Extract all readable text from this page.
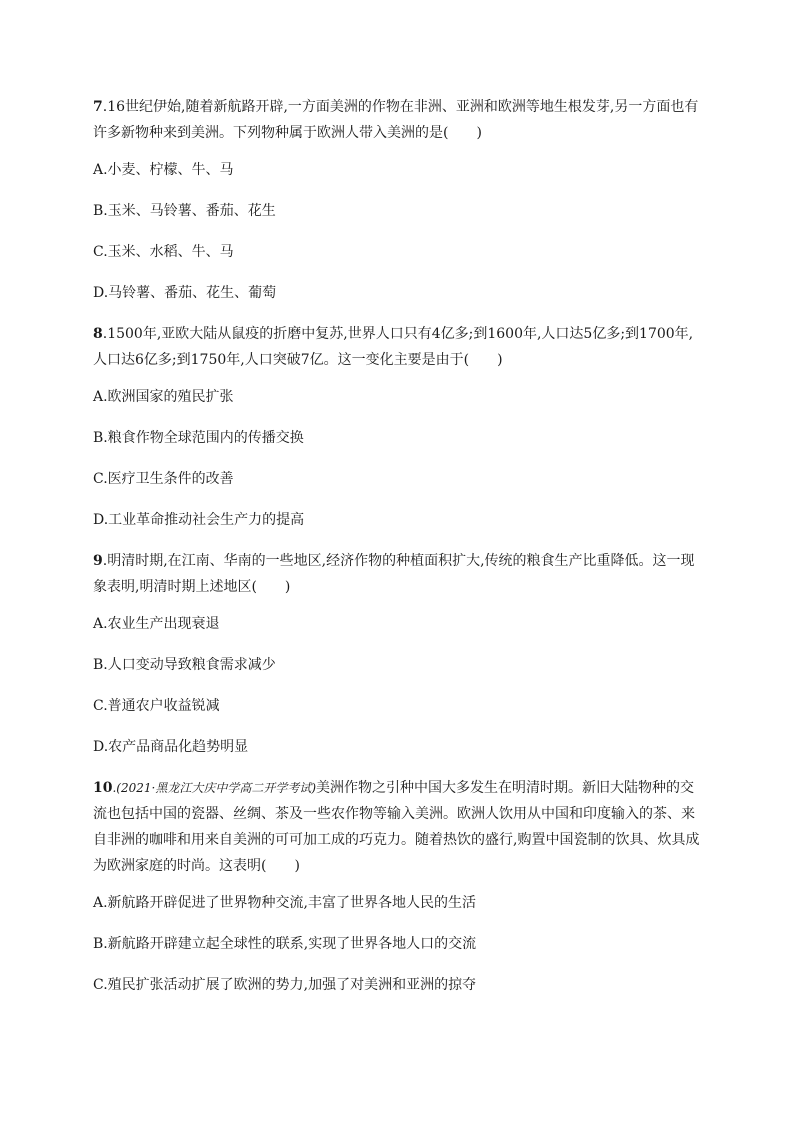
7.16世纪伊始,随着新航路开辟,一方面美洲的作物在非洲、亚洲和欧洲等地生根发芽,另一方面也有许多新物种来到美洲。下列物种属于欧洲人带入美洲的是(　　)

A.小麦、柠檬、牛、马
B.玉米、马铃薯、番茄、花生
C.玉米、水稻、牛、马
D.马铃薯、番茄、花生、葡萄

8.1500年,亚欧大陆从鼠疫的折磨中复苏,世界人口只有4亿多;到1600年,人口达5亿多;到1700年,人口达6亿多;到1750年,人口突破7亿。这一变化主要是由于(　　)

A.欧洲国家的殖民扩张
B.粮食作物全球范围内的传播交换
C.医疗卫生条件的改善
D.工业革命推动社会生产力的提高

9.明清时期,在江南、华南的一些地区,经济作物的种植面积扩大,传统的粮食生产比重降低。这一现象表明,明清时期上述地区(　　)

A.农业生产出现衰退
B.人口变动导致粮食需求减少
C.普通农户收益锐减
D.农产品商品化趋势明显

10.(2021·黑龙江大庆中学高二开学考试)美洲作物之引种中国大多发生在明清时期。新旧大陆物种的交流也包括中国的瓷器、丝绸、茶及一些农作物等输入美洲。欧洲人饮用从中国和印度输入的茶、来自非洲的咖啡和用来自美洲的可可加工成的巧克力。随着热饮的盛行,购置中国瓷制的饮具、炊具成为欧洲家庭的时尚。这表明(　　)

A.新航路开辟促进了世界物种交流,丰富了世界各地人民的生活
B.新航路开辟建立起全球性的联系,实现了世界各地人口的交流
C.殖民扩张活动扩展了欧洲的势力,加强了对美洲和亚洲的掠夺
